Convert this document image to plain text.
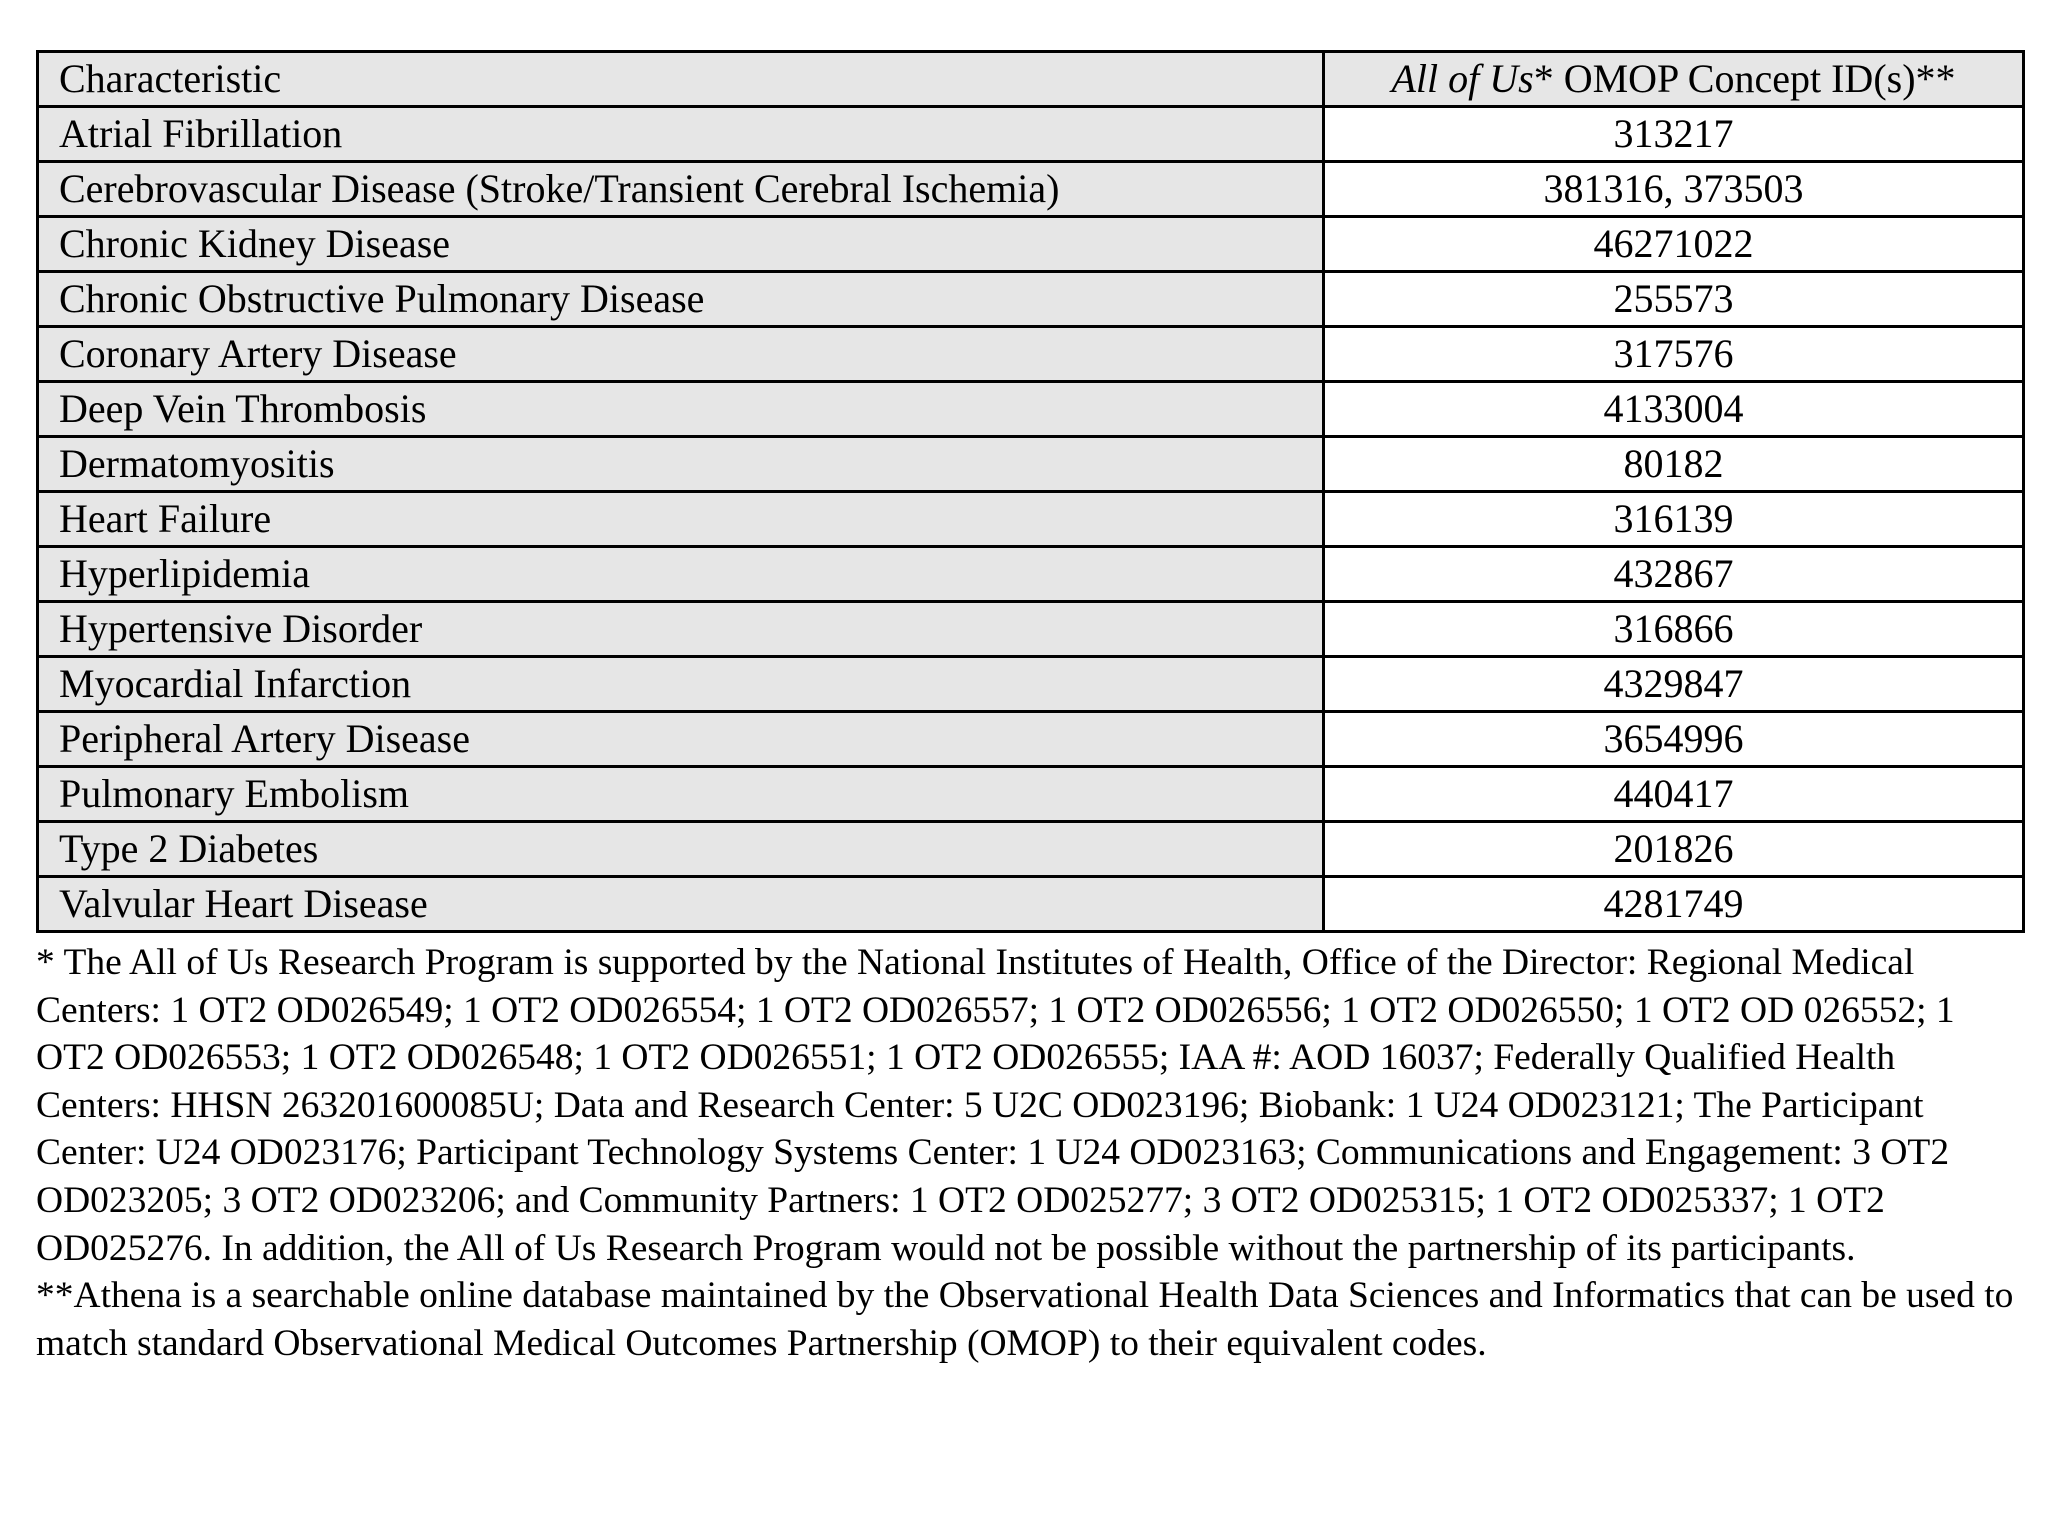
Characteristic	All of Us* OMOP Concept ID(s)**
Atrial Fibrillation	313217
Cerebrovascular Disease (Stroke/Transient Cerebral Ischemia)	381316, 373503
Chronic Kidney Disease	46271022
Chronic Obstructive Pulmonary Disease	255573
Coronary Artery Disease	317576
Deep Vein Thrombosis	4133004
Dermatomyositis	80182
Heart Failure	316139
Hyperlipidemia	432867
Hypertensive Disorder	316866
Myocardial Infarction	4329847
Peripheral Artery Disease	3654996
Pulmonary Embolism	440417
Type 2 Diabetes	201826
Valvular Heart Disease	4281749

* The All of Us Research Program is supported by the National Institutes of Health, Office of the Director: Regional Medical Centers: 1 OT2 OD026549; 1 OT2 OD026554; 1 OT2 OD026557; 1 OT2 OD026556; 1 OT2 OD026550; 1 OT2 OD 026552; 1 OT2 OD026553; 1 OT2 OD026548; 1 OT2 OD026551; 1 OT2 OD026555; IAA #: AOD 16037; Federally Qualified Health Centers: HHSN 263201600085U; Data and Research Center: 5 U2C OD023196; Biobank: 1 U24 OD023121; The Participant Center: U24 OD023176; Participant Technology Systems Center: 1 U24 OD023163; Communications and Engagement: 3 OT2 OD023205; 3 OT2 OD023206; and Community Partners: 1 OT2 OD025277; 3 OT2 OD025315; 1 OT2 OD025337; 1 OT2 OD025276. In addition, the All of Us Research Program would not be possible without the partnership of its participants.

**Athena is a searchable online database maintained by the Observational Health Data Sciences and Informatics that can be used to match standard Observational Medical Outcomes Partnership (OMOP) to their equivalent codes.
